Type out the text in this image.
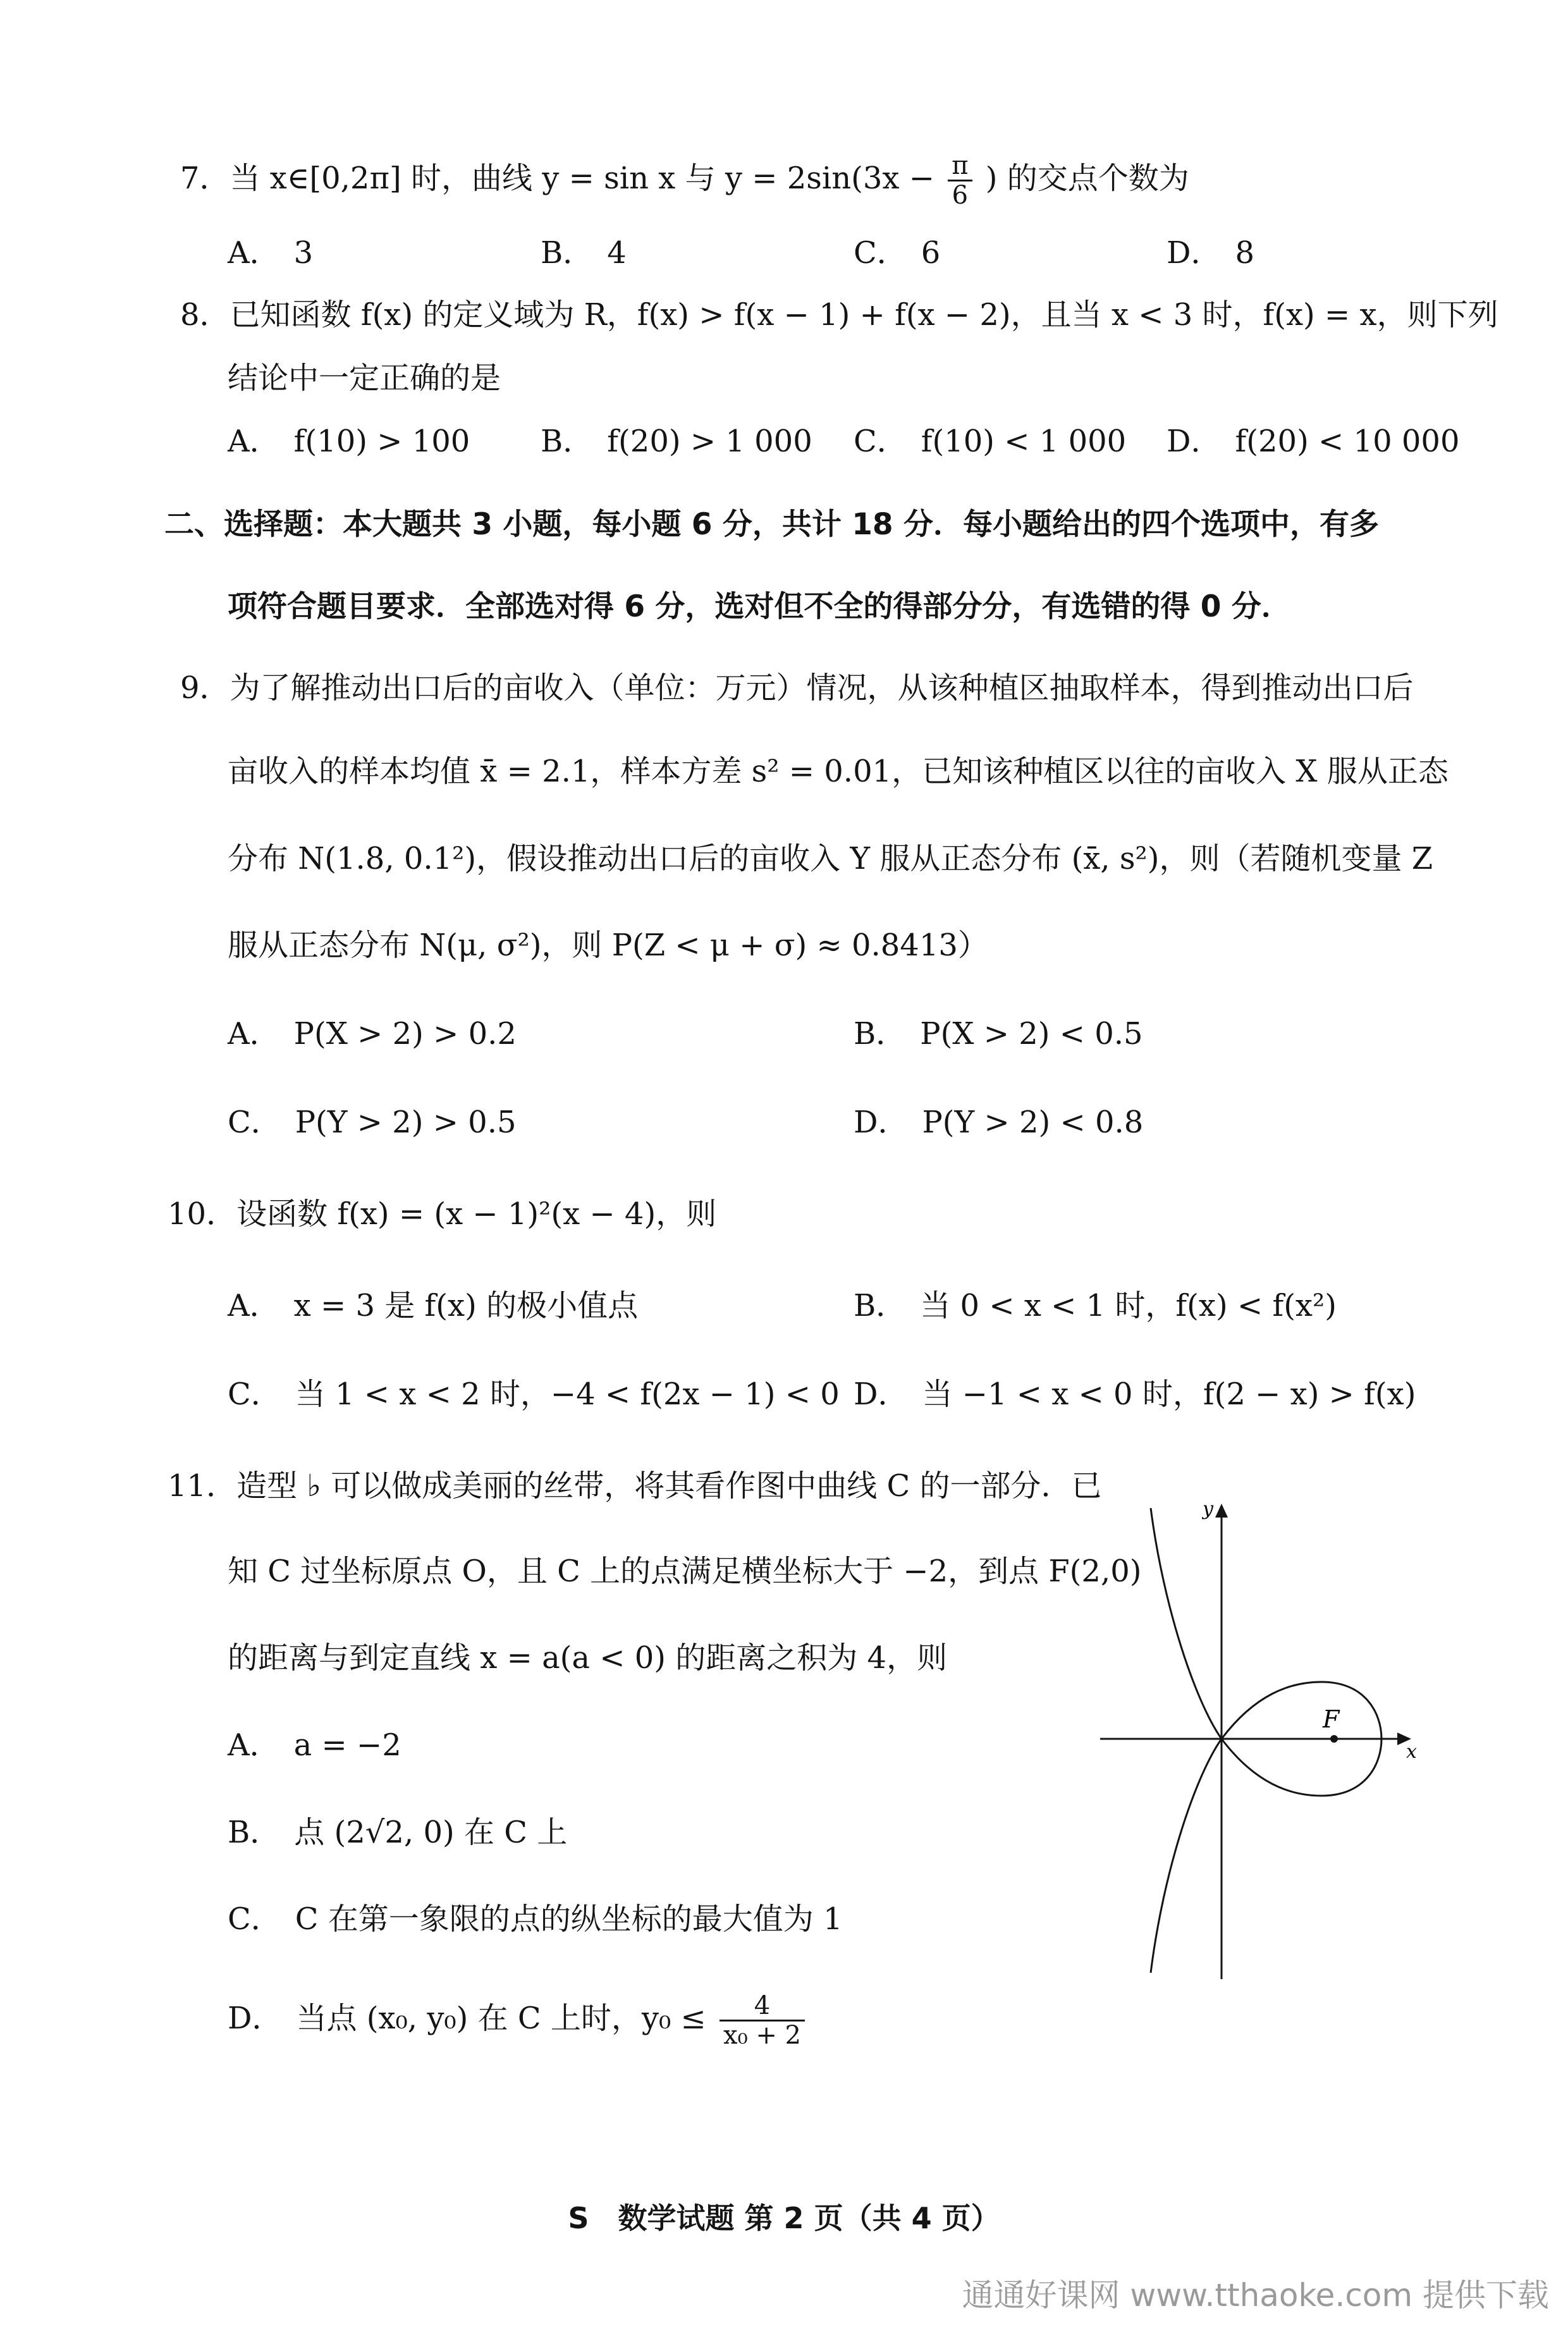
7．当 x∈[0,2π] 时，曲线 y = sin x 与 $y = 2\sin(3x - \frac{\pi}{6}$ ) 的交点个数为
A． 3	B． 4	C． 6	D． 8
8．已知函数 f(x) 的定义域为 R，f(x) > f(x − 1) + f(x − 2)，且当 x < 3 时，f(x) = x，则下列
结论中一定正确的是
A． f(10) > 100 B． f(20) > 1 000 C． f(10) < 1 000 D． f(20) < 10 000
二、选择题：本大题共 3 小题，每小题 6 分，共计 18 分．每小题给出的四个选项中，有多
项符合题目要求．全部选对得 6 分，选对但不全的得部分分，有选错的得 0 分．
9．为了解推动出口后的亩收入（单位：万元）情况，从该种植区抽取样本，得到推动出口后
亩收入的样本均值 x̄ = 2.1，样本方差 s² = 0.01，已知该种植区以往的亩收入 X 服从正态
分布 N(1.8, 0.1²)，假设推动出口后的亩收入 Y 服从正态分布 (x̄, s²)，则（若随机变量 Z
服从正态分布 N(μ, σ²)，则 P(Z < μ + σ) ≈ 0.8413）
A． P(X > 2) > 0.2	B． P(X > 2) < 0.5
C． P(Y > 2) > 0.5	D． P(Y > 2) < 0.8
10．设函数 f(x) = (x − 1)²(x − 4)，则
A． x = 3 是 f(x) 的极小值点	B． 当 0 < x < 1 时，f(x) < f(x²)
C． 当 1 < x < 2 时，−4 < f(2x − 1) < 0 D． 当 −1 < x < 0 时，f(2 − x) > f(x)
11．造型 ♭ 可以做成美丽的丝带，将其看作图中曲线 C 的一部分．已
知 C 过坐标原点 O，且 C 上的点满足横坐标大于 −2，到点 F(2,0)
的距离与到定直线 x = a(a < 0) 的距离之积为 4，则
A． a = −2
B． 点 (2√2, 0) 在 C 上
C． C 在第一象限的点的纵坐标的最大值为 1
D． 当点 (x₀, y₀) 在 C 上时，$y_0 \le \frac{4}{\text{x₀ + 2}}$
x
y
F
S　数学试题 第 2 页（共 4 页）
通通好课网 www.tthaoke.com 提供下载
